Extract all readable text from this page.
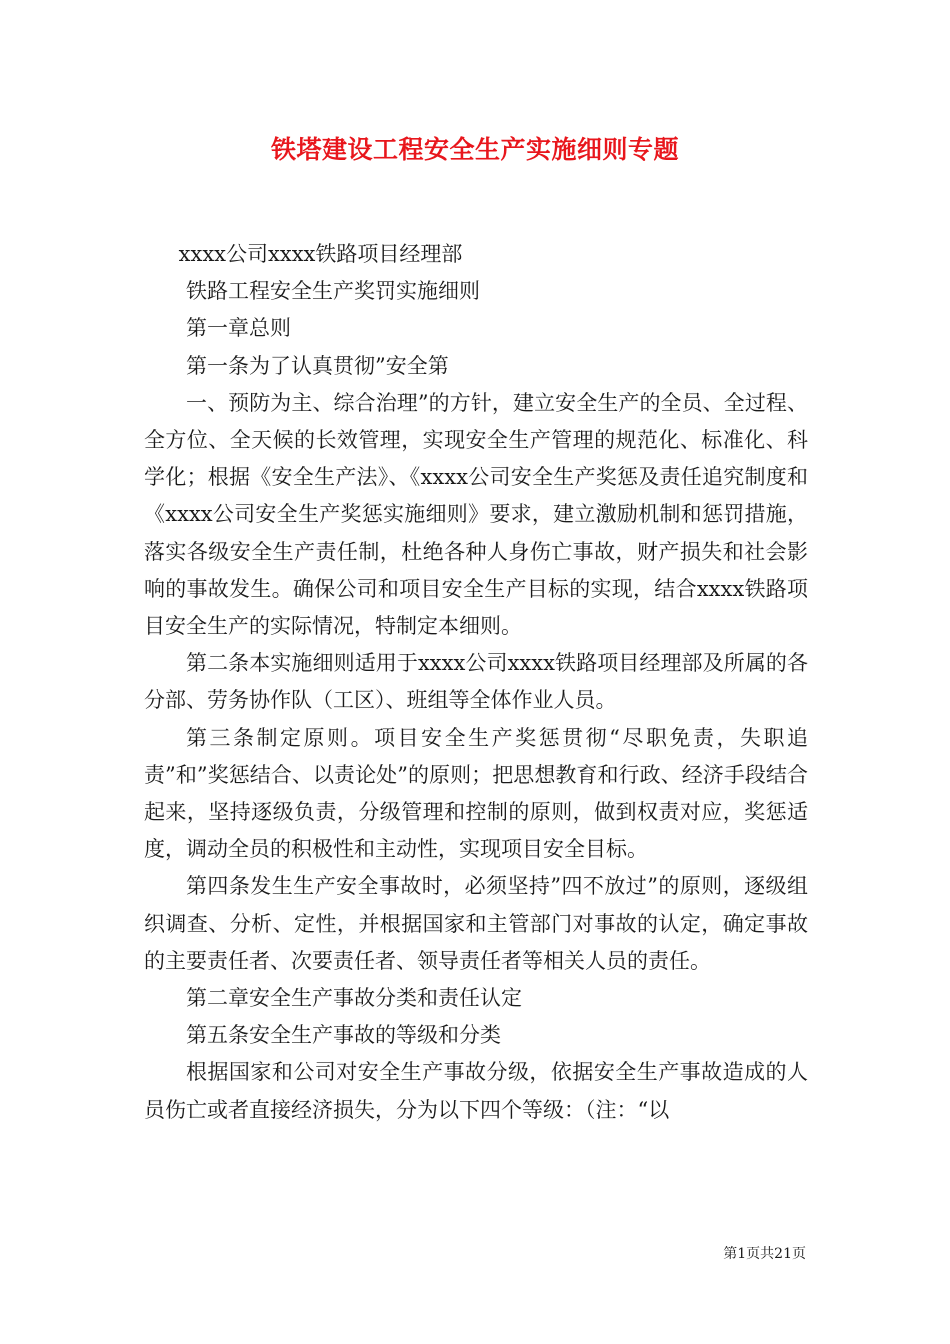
铁塔建设工程安全生产实施细则专题

xxxx公司xxxx铁路项目经理部

铁路工程安全生产奖罚实施细则

第一章总则

第一条为了认真贯彻”安全第

一、预防为主、综合治理”的方针，建立安全生产的全员、全过程、全方位、全天候的长效管理，实现安全生产管理的规范化、标准化、科学化；根据《安全生产法》、《xxxx公司安全生产奖惩及责任追究制度和《xxxx公司安全生产奖惩实施细则》要求，建立激励机制和惩罚措施，落实各级安全生产责任制，杜绝各种人身伤亡事故，财产损失和社会影响的事故发生。确保公司和项目安全生产目标的实现，结合xxxx铁路项目安全生产的实际情况，特制定本细则。

第二条本实施细则适用于xxxx公司xxxx铁路项目经理部及所属的各分部、劳务协作队（工区）、班组等全体作业人员。

第三条制定原则。项目安全生产奖惩贯彻“尽职免责，失职追责”和”奖惩结合、以责论处”的原则；把思想教育和行政、经济手段结合起来，坚持逐级负责，分级管理和控制的原则，做到权责对应，奖惩适度，调动全员的积极性和主动性，实现项目安全目标。

第四条发生生产安全事故时，必须坚持”四不放过”的原则，逐级组织调查、分析、定性，并根据国家和主管部门对事故的认定，确定事故的主要责任者、次要责任者、领导责任者等相关人员的责任。

第二章安全生产事故分类和责任认定

第五条安全生产事故的等级和分类

根据国家和公司对安全生产事故分级，依据安全生产事故造成的人员伤亡或者直接经济损失，分为以下四个等级：（注：“以

第1页共21页
